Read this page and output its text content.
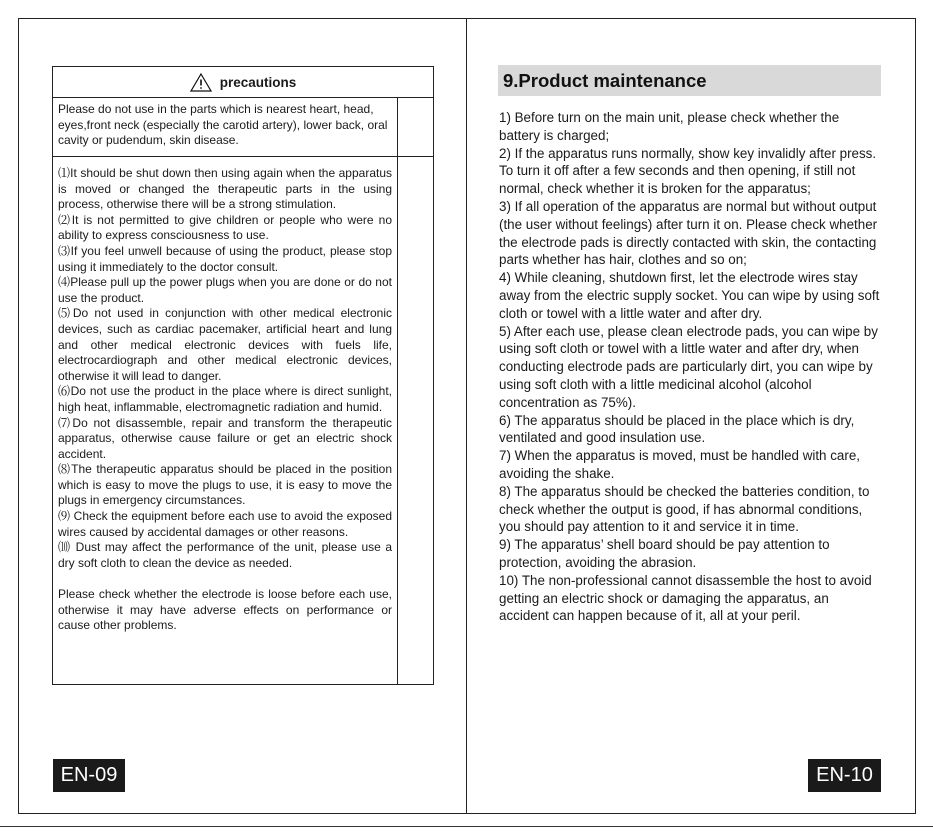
precautions
Please do not use in the parts which is nearest heart, head, eyes,front neck (especially the carotid artery), lower back, oral cavity or pudendum, skin disease.

⑴It should be shut down then using again when the apparatus is moved or changed the therapeutic parts in the using process, otherwise there will be a strong stimulation.

⑵It is not permitted to give children or people who were no ability to express consciousness to use.

⑶If you feel unwell because of using the product, please stop using it immediately to the doctor consult.

⑷Please pull up the power plugs when you are done or do not use the product.

⑸Do not used in conjunction with other medical electronic devices, such as cardiac pacemaker, artificial heart and lung and other medical electronic devices with fuels life, electrocardiograph and other medical electronic devices, otherwise it will lead to danger.

⑹Do not use the product in the place where is direct sunlight, high heat, inflammable, electromagnetic radiation and humid.

⑺Do not disassemble, repair and transform the therapeutic apparatus, otherwise cause failure or get an electric shock accident.

⑻The therapeutic apparatus should be placed in the position which is easy to move the plugs to use, it is easy to move the plugs in emergency circumstances.

⑼ Check the equipment before each use to avoid the exposed wires caused by accidental damages or other reasons.

⑽ Dust may affect the performance of the unit, please use a dry soft cloth to clean the device as needed.

Please check whether the electrode is loose before each use, otherwise it may have adverse effects on performance or cause other problems.

EN-09
9.Product maintenance

1) Before turn on the main unit, please check whether the battery is charged;

2) If the apparatus runs normally, show key invalidly after press. To turn it off after a few seconds and then opening, if still not normal, check whether it is broken for the apparatus;

3) If all operation of the apparatus are normal but without output (the user without feelings) after turn it on. Please check whether the electrode pads is directly contacted with skin, the contacting parts whether has hair, clothes and so on;

4) While cleaning, shutdown first, let the electrode wires stay away from the electric supply socket. You can wipe by using soft cloth or towel with a little water and after dry.

5) After each use, please clean electrode pads, you can wipe by using soft cloth or towel with a little water and after dry, when conducting electrode pads are particularly dirt, you can wipe by using soft cloth with a little medicinal alcohol (alcohol concentration as 75%).

6) The apparatus should be placed in the place which is dry, ventilated and good insulation use.

7) When the apparatus is moved, must be handled with care, avoiding the shake.

8) The apparatus should be checked the batteries condition, to check whether the output is good, if has abnormal conditions, you should pay attention to it and service it in time.

9) The apparatus’ shell board should be pay attention to protection, avoiding the abrasion.

10) The non-professional cannot disassemble the host to avoid getting an electric shock or damaging the apparatus, an accident can happen because of it, all at your peril.

EN-10
